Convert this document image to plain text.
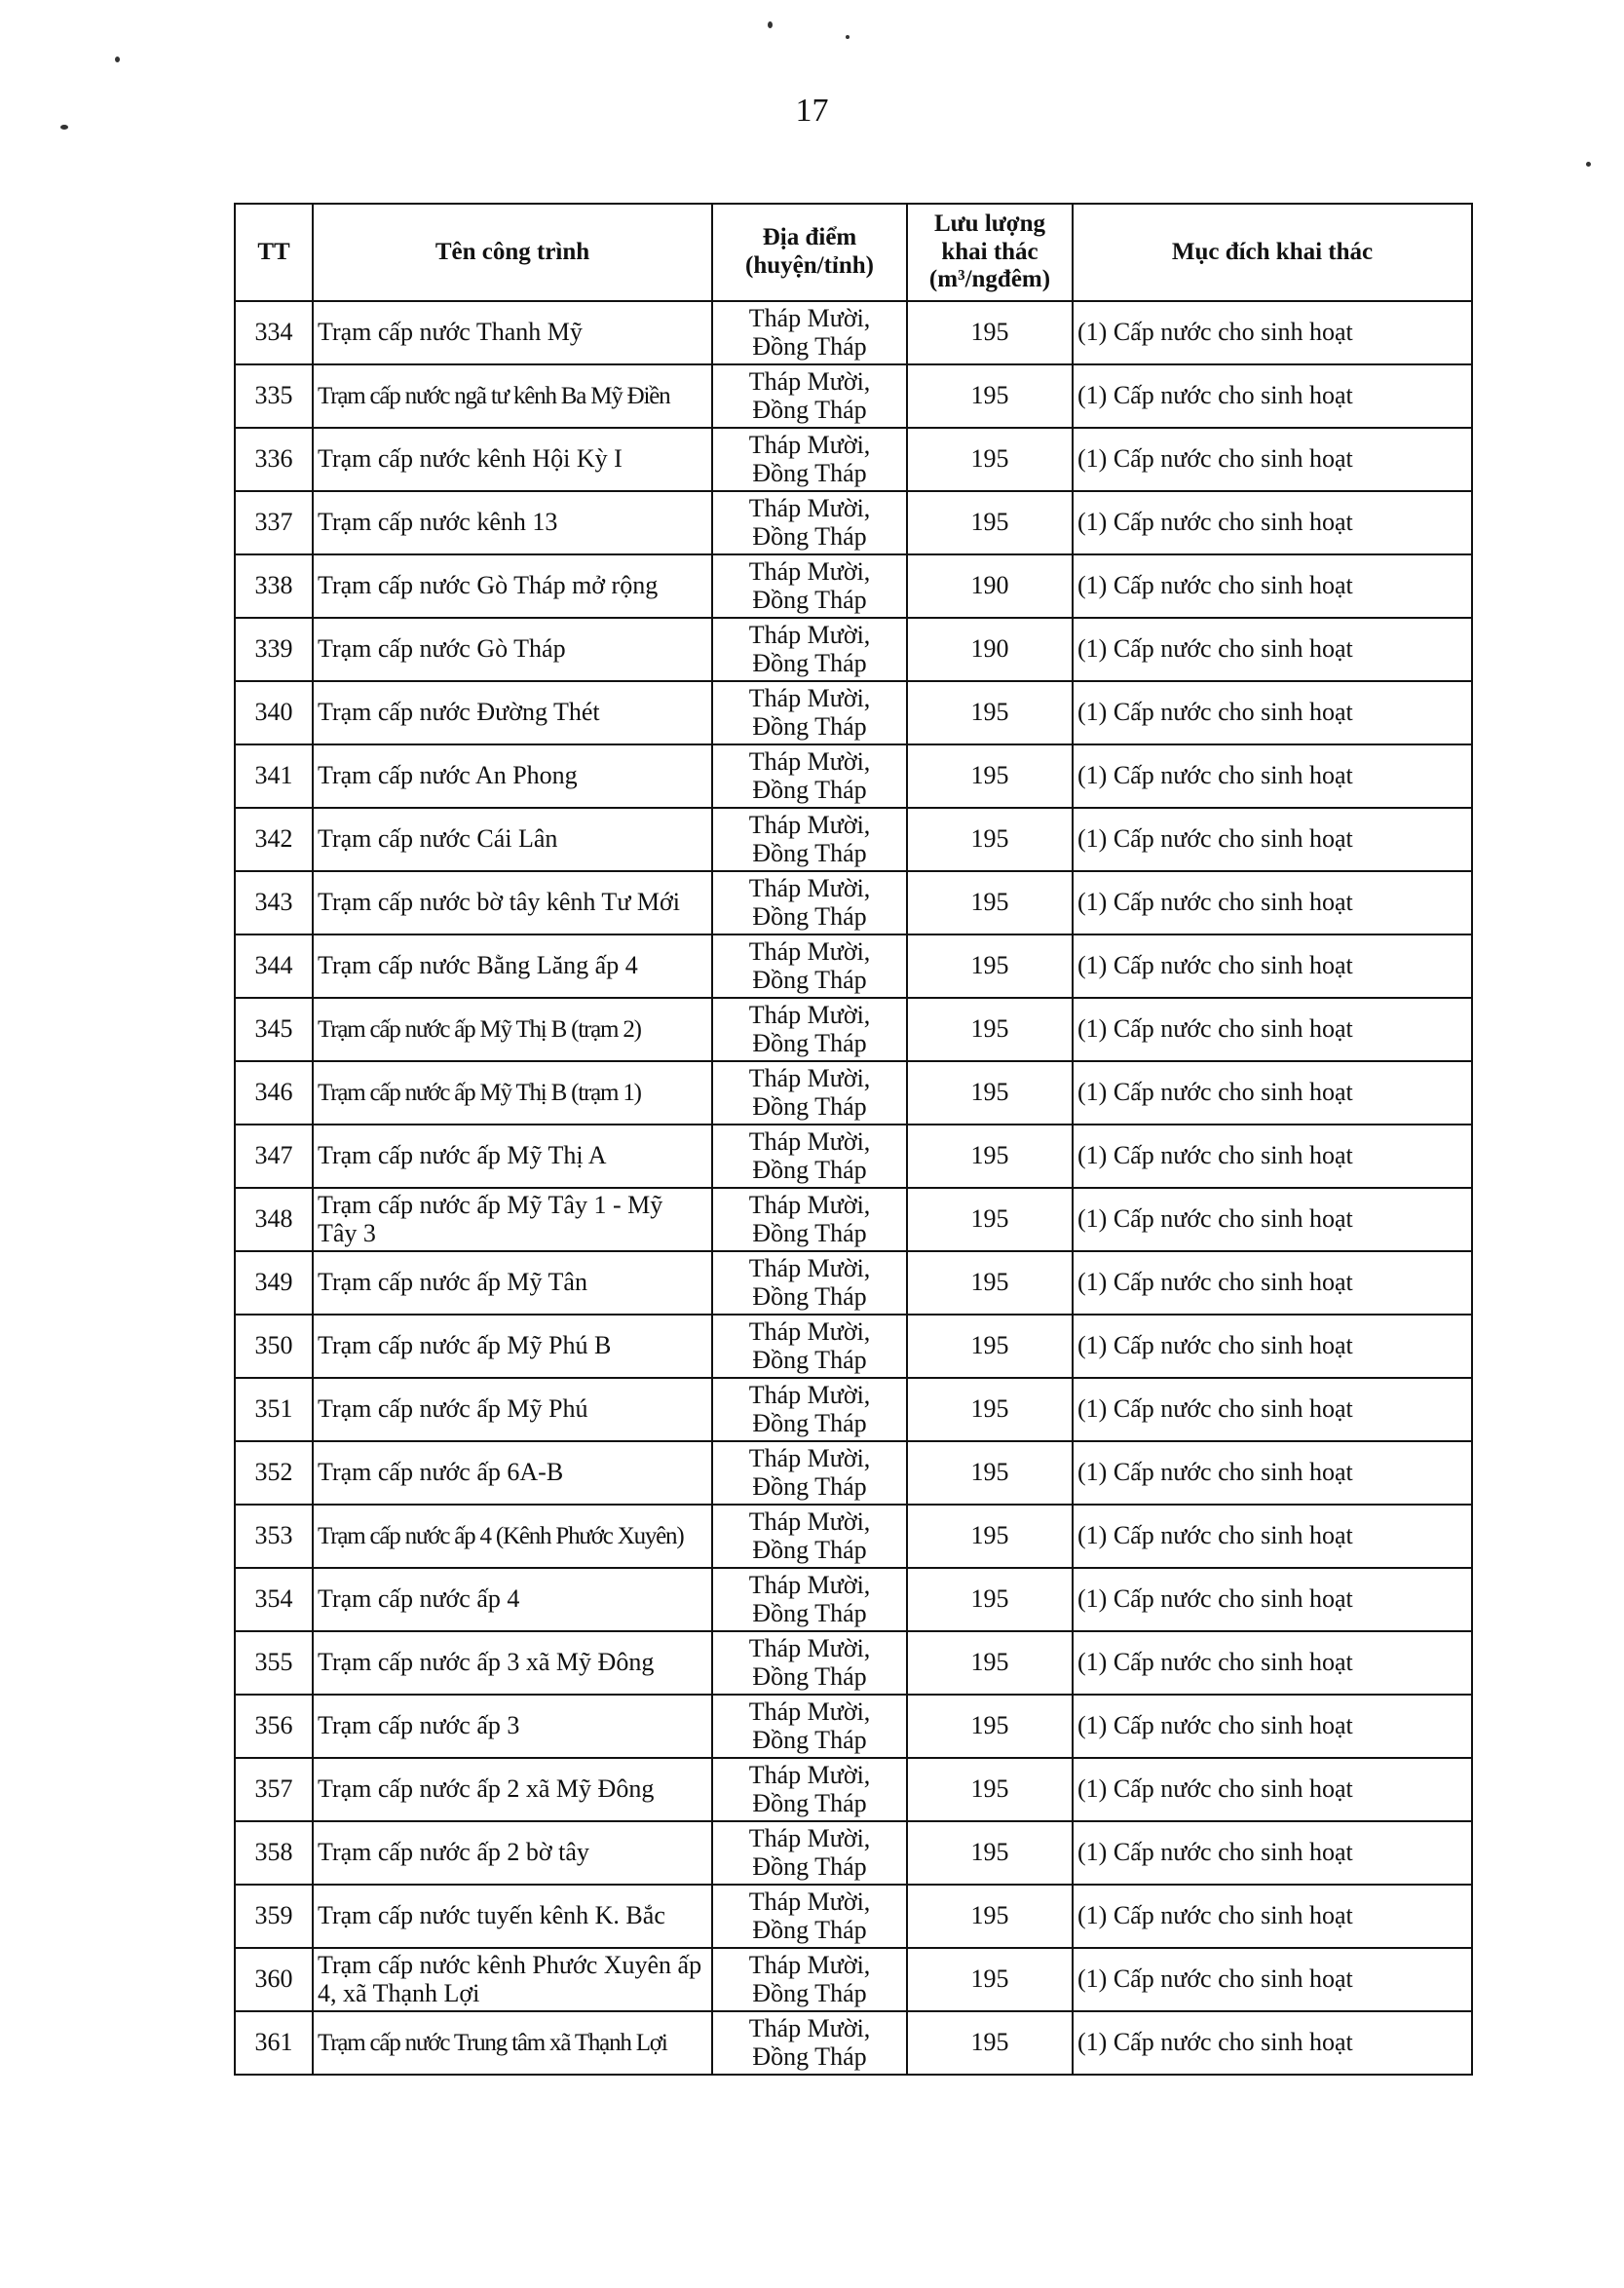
17
TT	Tên công trình	Địa điểm (huyện/tỉnh)	Lưu lượng khai thác (m³/ngđêm)	Mục đích khai thác
334	Trạm cấp nước Thanh Mỹ	Tháp Mười,
Đồng Tháp	195	(1) Cấp nước cho sinh hoạt
335	Trạm cấp nước ngã tư kênh Ba Mỹ Điền	Tháp Mười,
Đồng Tháp	195	(1) Cấp nước cho sinh hoạt
336	Trạm cấp nước kênh Hội Kỳ I	Tháp Mười,
Đồng Tháp	195	(1) Cấp nước cho sinh hoạt
337	Trạm cấp nước kênh 13	Tháp Mười,
Đồng Tháp	195	(1) Cấp nước cho sinh hoạt
338	Trạm cấp nước Gò Tháp mở rộng	Tháp Mười,
Đồng Tháp	190	(1) Cấp nước cho sinh hoạt
339	Trạm cấp nước Gò Tháp	Tháp Mười,
Đồng Tháp	190	(1) Cấp nước cho sinh hoạt
340	Trạm cấp nước Đường Thét	Tháp Mười,
Đồng Tháp	195	(1) Cấp nước cho sinh hoạt
341	Trạm cấp nước An Phong	Tháp Mười,
Đồng Tháp	195	(1) Cấp nước cho sinh hoạt
342	Trạm cấp nước Cái Lân	Tháp Mười,
Đồng Tháp	195	(1) Cấp nước cho sinh hoạt
343	Trạm cấp nước bờ tây kênh Tư Mới	Tháp Mười,
Đồng Tháp	195	(1) Cấp nước cho sinh hoạt
344	Trạm cấp nước Bằng Lăng ấp 4	Tháp Mười,
Đồng Tháp	195	(1) Cấp nước cho sinh hoạt
345	Trạm cấp nước ấp Mỹ Thị B (trạm 2)	Tháp Mười,
Đồng Tháp	195	(1) Cấp nước cho sinh hoạt
346	Trạm cấp nước ấp Mỹ Thị B (trạm 1)	Tháp Mười,
Đồng Tháp	195	(1) Cấp nước cho sinh hoạt
347	Trạm cấp nước ấp Mỹ Thị A	Tháp Mười,
Đồng Tháp	195	(1) Cấp nước cho sinh hoạt
348	Trạm cấp nước ấp Mỹ Tây 1 - Mỹ Tây 3	Tháp Mười,
Đồng Tháp	195	(1) Cấp nước cho sinh hoạt
349	Trạm cấp nước ấp Mỹ Tân	Tháp Mười,
Đồng Tháp	195	(1) Cấp nước cho sinh hoạt
350	Trạm cấp nước ấp Mỹ Phú B	Tháp Mười,
Đồng Tháp	195	(1) Cấp nước cho sinh hoạt
351	Trạm cấp nước ấp Mỹ Phú	Tháp Mười,
Đồng Tháp	195	(1) Cấp nước cho sinh hoạt
352	Trạm cấp nước ấp 6A-B	Tháp Mười,
Đồng Tháp	195	(1) Cấp nước cho sinh hoạt
353	Trạm cấp nước ấp 4 (Kênh Phước Xuyên)	Tháp Mười,
Đồng Tháp	195	(1) Cấp nước cho sinh hoạt
354	Trạm cấp nước ấp 4	Tháp Mười,
Đồng Tháp	195	(1) Cấp nước cho sinh hoạt
355	Trạm cấp nước ấp 3 xã Mỹ Đông	Tháp Mười,
Đồng Tháp	195	(1) Cấp nước cho sinh hoạt
356	Trạm cấp nước ấp 3	Tháp Mười,
Đồng Tháp	195	(1) Cấp nước cho sinh hoạt
357	Trạm cấp nước ấp 2 xã Mỹ Đông	Tháp Mười,
Đồng Tháp	195	(1) Cấp nước cho sinh hoạt
358	Trạm cấp nước ấp 2 bờ tây	Tháp Mười,
Đồng Tháp	195	(1) Cấp nước cho sinh hoạt
359	Trạm cấp nước tuyến kênh K. Bắc	Tháp Mười,
Đồng Tháp	195	(1) Cấp nước cho sinh hoạt
360	Trạm cấp nước kênh Phước Xuyên ấp 4, xã Thạnh Lợi	Tháp Mười,
Đồng Tháp	195	(1) Cấp nước cho sinh hoạt
361	Trạm cấp nước Trung tâm xã Thạnh Lợi	Tháp Mười,
Đồng Tháp	195	(1) Cấp nước cho sinh hoạt
